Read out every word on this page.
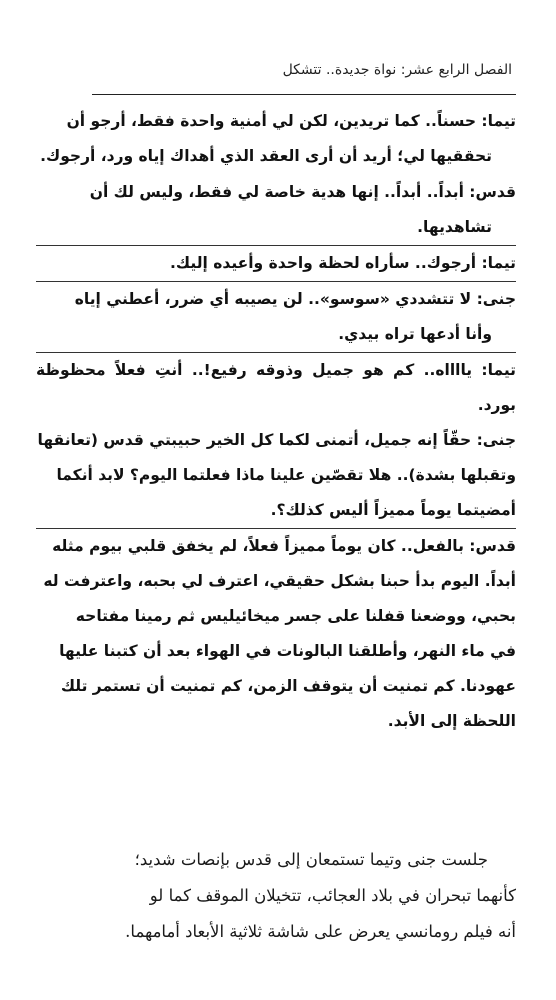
الفصل الرابع عشر: نواة جديدة.. تتشكل

تيما: حسناً.. كما تريدين، لكن لي أمنية واحدة فقط، أرجو أن
تحققيها لي؛ أريد أن أرى العقد الذي أهداك إياه ورد، أرجوك.

قدس: أبداً.. أبداً.. إنها هدية خاصة لي فقط، وليس لك أن
تشاهديها.

تيما: أرجوك.. سأراه لحظة واحدة وأعيده إليك.

جنى: لا تتشددي «سوسو».. لن يصيبه أي ضرر، أعطني إياه
وأنا أدعها تراه بيدي.

تيما: يااااه.. كم هو جميل وذوقه رفيع!.. أنتِ فعلاً محظوظة بورد.
جنى: حقّاً إنه جميل، أتمنى لكما كل الخير حبيبتي قدس (تعانقها
وتقبلها بشدة).. هلا تقصّين علينا ماذا فعلتما اليوم؟ لابد أنكما
أمضيتما يوماً مميزاً أليس كذلك؟.

قدس: بالفعل.. كان يوماً مميزاً فعلاً، لم يخفق قلبي بيوم مثله
أبداً. اليوم بدأ حبنا بشكل حقيقي، اعترف لي بحبه، واعترفت له
بحبي، ووضعنا قفلنا على جسر ميخائيليس ثم رمينا مفتاحه
في ماء النهر، وأطلقنا البالونات في الهواء بعد أن كتبنا عليها
عهودنا. كم تمنيت أن يتوقف الزمن، كم تمنيت أن تستمر تلك
اللحظة إلى الأبد.

جلست جنى وتيما تستمعان إلى قدس بإنصات شديد؛
كأنهما تبحران في بلاد العجائب، تتخيلان الموقف كما لو
أنه فيلم رومانسي يعرض على شاشة ثلاثية الأبعاد أمامهما.
